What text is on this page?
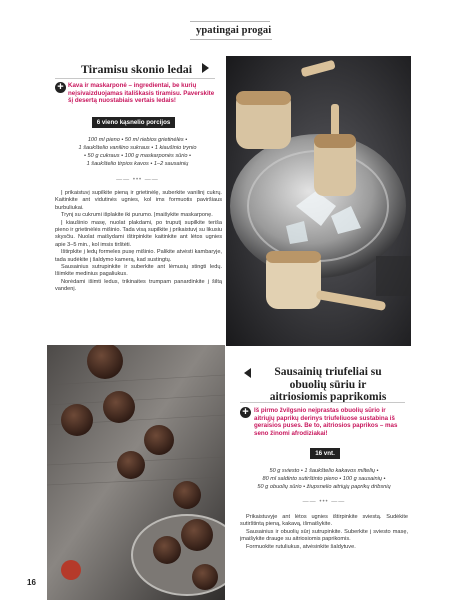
ypatingai progai
Tiramisu skonio ledai
+ Kava ir maskarponė – ingredientai, be kurių neįsivaizduojamas itališkasis tiramisu. Paverskite šį desertą nuostabiais vertais ledais!
6 vieno kąsnelio porcijos
100 ml pieno • 50 ml riebios grietinėlės •
1 šaukštelio vanilino sukraus • 1 kiaušinio trynio
• 50 g cukraus • 100 g maskarponės sūrio •
1 šaukštelio tirpios kavos • 1–2 sausainių
—— ••• ——

Į prikaistuvį supilkite pieną ir grietinėlę, suberkite vanilinį cukrų. Kaitinkite ant vidutinės ugnies, kol ims formuotis paviršiaus burbuliukai.

Trynį su cukrumi išplakite iki purumo. Įmaišykite maskarponę.

Į kiaušinio masę, nuolat plakdami, po truputį supilkite teriša pieno ir grietinėlės mišinio. Tada visą supilkite į prikaistuvį su likusiu skysčiu. Nuolat maišydami ištirpinkite kaitinkite ant lėtos ugnies apie 3–5 min., kol imsis tirštėti.

Ištirpkite į ledų formeles pusę mišinio. Palikite atvėsti kambaryje, tada sudėkite į šaldymo kamerą, kad sustingtų.

Sausainius sutrupinkite ir suberkite ant lėmusių stingti ledų. Išimkite medinius pagaliukus.

Norėdami išimti ledus, trikinaites trumpam panardinkite į šiltą vandenį.

Sausainių triufeliai su obuolių sūriu ir aitriosiomis paprikomis
+ Iš pirmo žvilgsnio neįprastas obuolių sūrio ir aitriųjų paprikų derinys triufeliuose sustabina iš geraisios puses. Be to, aitriosios paprikos – mas seno žinomi afrodiziakai!
16 vnt.
50 g sviesto • 1 šaukštelio kakavos miltelių •
80 ml saldinto sutirštinto pieno • 100 g sausainių •
50 g obuolių sūrio • žiupsnelio aitriųjų paprikų dribsnių
—— ••• ——

Prikaistuvyje ant lėtos ugnies ištirpinkite sviestą. Sudėkite sutirštintą pieną, kakavą, išmaišykite.

Sausainius ir obuolių sūrį sutrupinkite. Suberkite į sviesto masę, įmaišykite drauge su aitriosiomis paprikomis.

Formuokite rutuliukus, atvėsinkite šaldytuve.

16
